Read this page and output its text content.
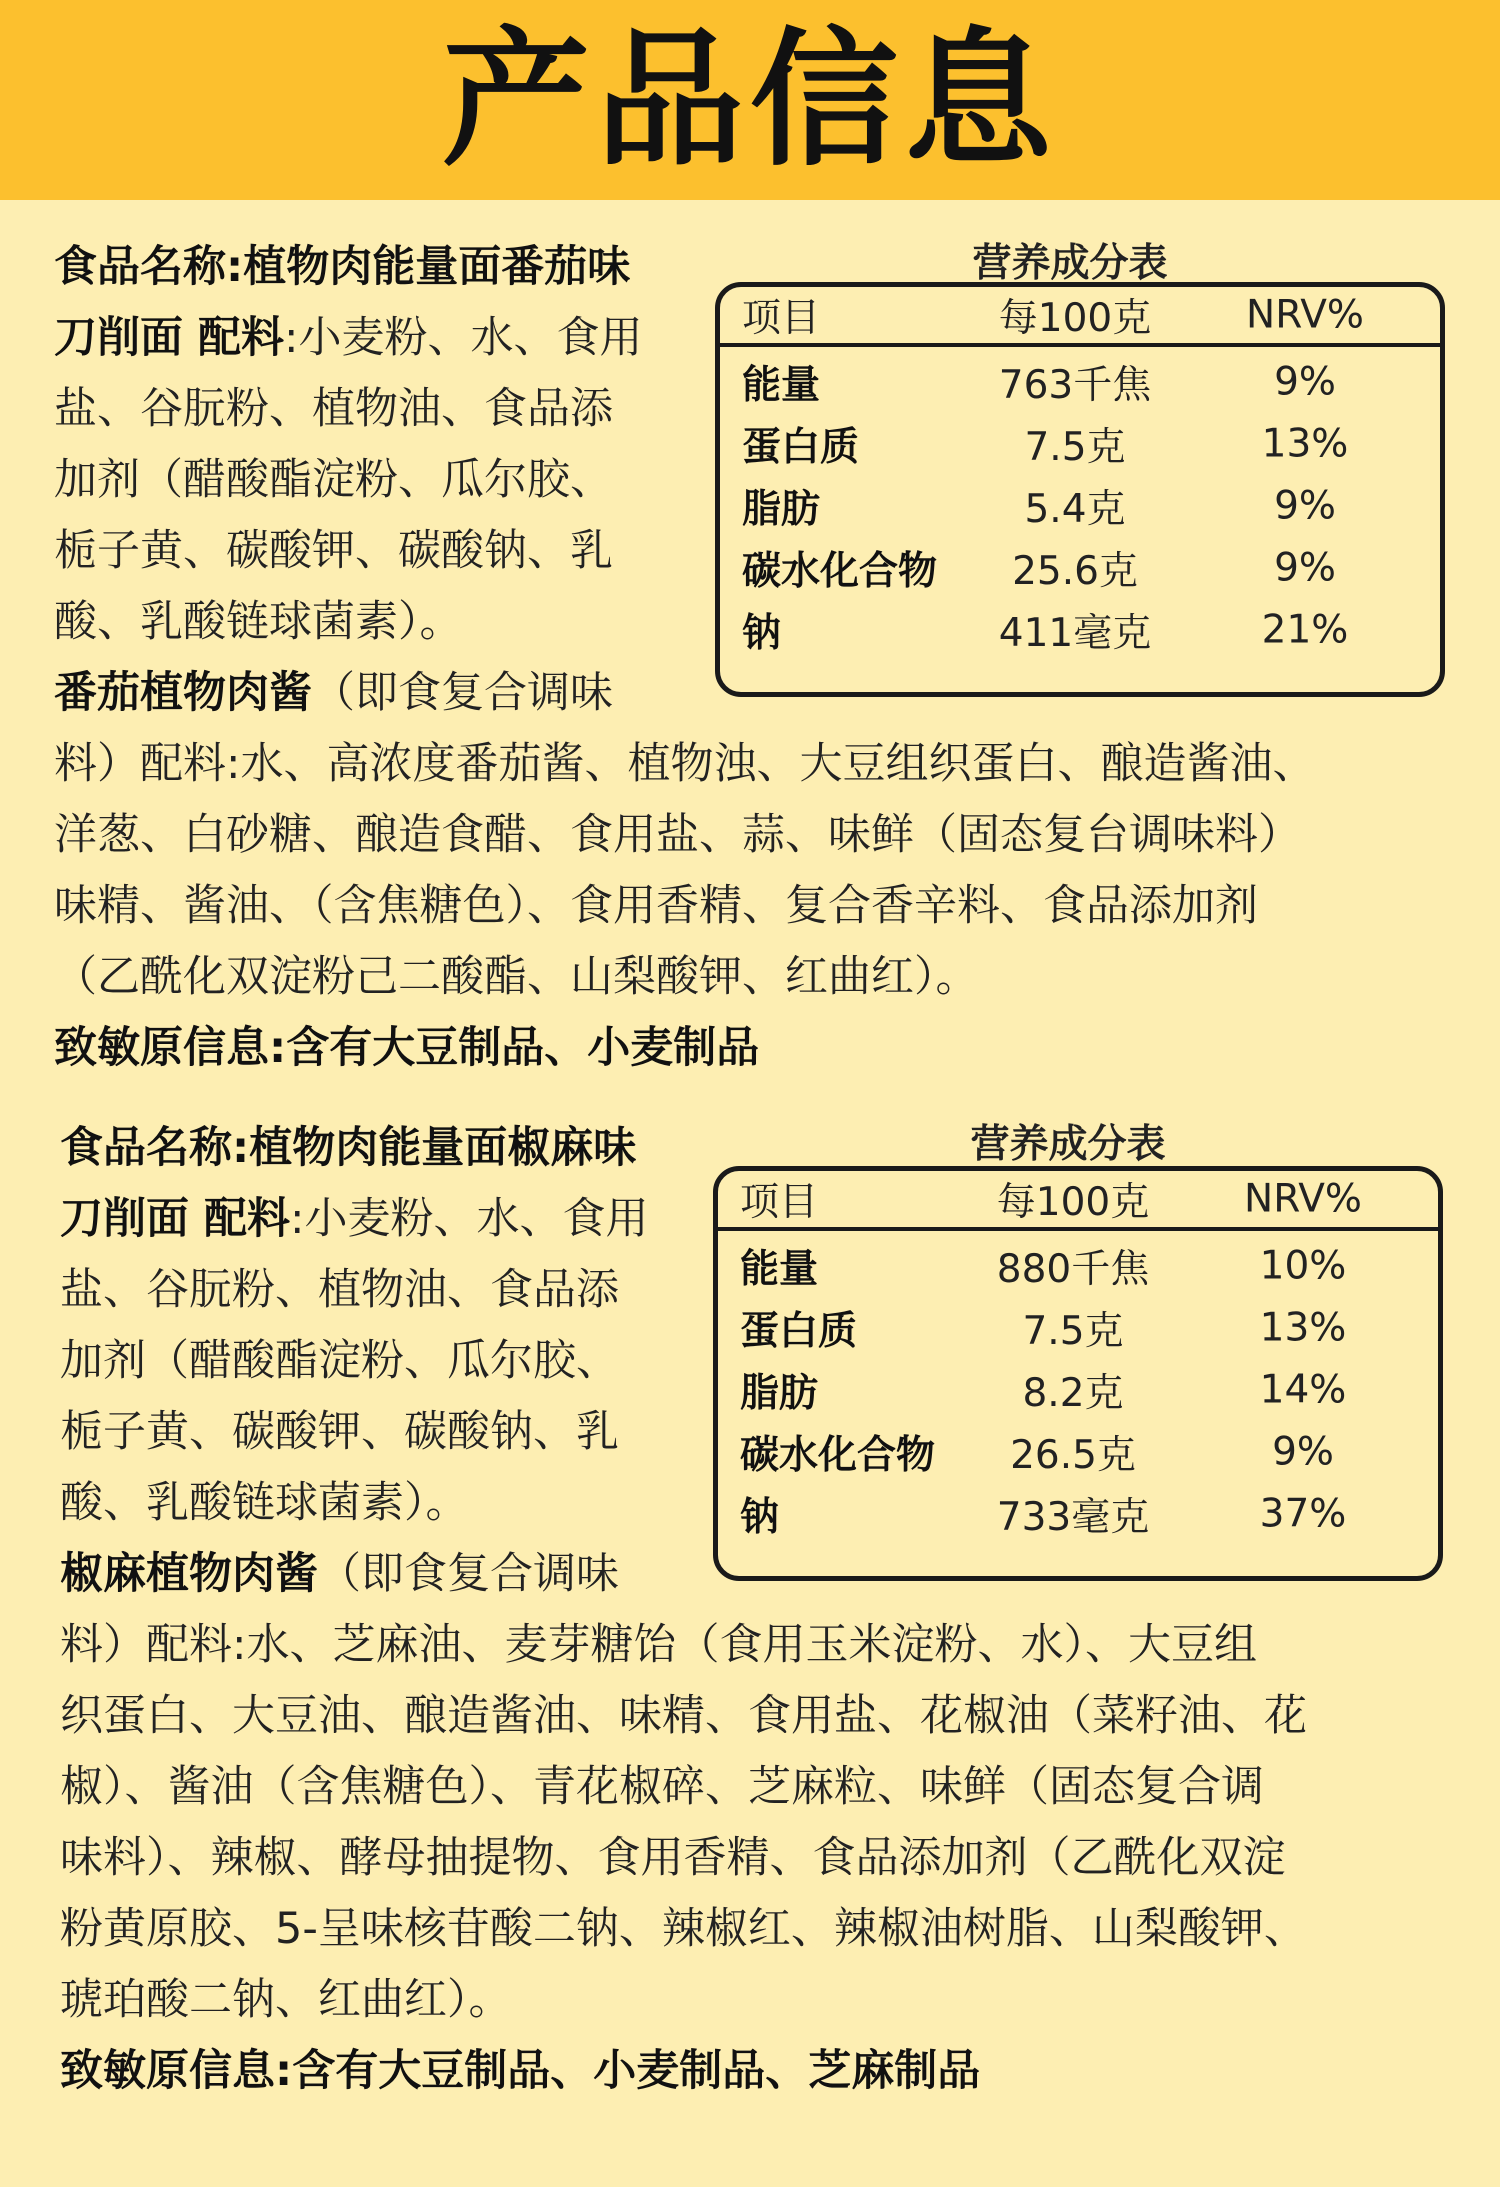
产品信息

食品名称:植物肉能量面番茄味
刀削面 配料:小麦粉、水、食用
盐、谷朊粉、植物油、食品添
加剂（醋酸酯淀粉、瓜尔胶、
栀子黄、碳酸钾、碳酸钠、乳
酸、乳酸链球菌素）。
番茄植物肉酱（即食复合调味

料）配料:水、高浓度番茄酱、植物浊、大豆组织蛋白、酿造酱油、
洋葱、白砂糖、酿造食醋、食用盐、蒜、味鲜（固态复台调味料）
味精、酱油、（含焦糖色）、食用香精、复合香辛料、食品添加剂
（乙酰化双淀粉己二酸酯、山梨酸钾、红曲红）。
致敏原信息:含有大豆制品、小麦制品

营养成分表
项目	每100克 NRV%
能量	763千焦	9%
蛋白质	7.5克	13%
脂肪	5.4克	9%
碳水化合物 25.6克	9%
钠	411毫克	21%

食品名称:植物肉能量面椒麻味
刀削面 配料:小麦粉、水、食用
盐、谷朊粉、植物油、食品添
加剂（醋酸酯淀粉、瓜尔胶、
栀子黄、碳酸钾、碳酸钠、乳
酸、乳酸链球菌素）。
椒麻植物肉酱（即食复合调味

料）配料:水、芝麻油、麦芽糖饴（食用玉米淀粉、水）、大豆组
织蛋白、大豆油、酿造酱油、味精、食用盐、花椒油（菜籽油、花
椒）、酱油（含焦糖色）、青花椒碎、芝麻粒、味鲜（固态复合调
味料）、辣椒、酵母抽提物、食用香精、食品添加剂（乙酰化双淀
粉黄原胶、5-呈味核苷酸二钠、辣椒红、辣椒油树脂、山梨酸钾、
琥珀酸二钠、红曲红）。
致敏原信息:含有大豆制品、小麦制品、芝麻制品

营养成分表
项目	每100克 NRV%
能量	880千焦	10%
蛋白质	7.5克	13%
脂肪	8.2克	14%
碳水化合物 26.5克	9%
钠	733毫克	37%
